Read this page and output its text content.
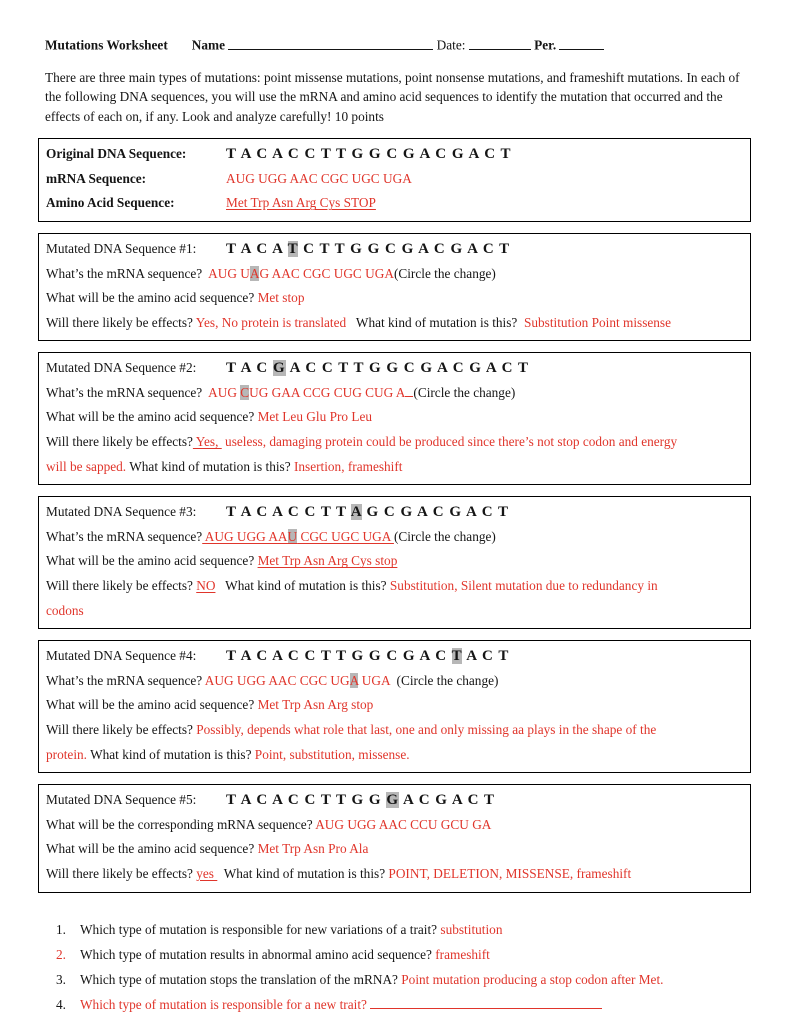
Mutations Worksheet Name	Date:	Per.

There are three main types of mutations: point missense mutations, point nonsense mutations, and frameshift mutations. In each of the following DNA sequences, you will use the mRNA and amino acid sequences to identify the mutation that occurred and the effects of each on, if any. Look and analyze carefully! 10 points

Original DNA Sequence:	T A C A C C T T G G C G A C G A C T
mRNA Sequence:	AUG UGG AAC CGC UGC UGA
Amino Acid Sequence:	Met Trp Asn Arg Cys STOP
Mutated DNA Sequence #1: T A C A T C T T G G C G A C G A C T
What’s the mRNA sequence?  AUG UAG AAC CGC UGC UGA(Circle the change)
What will be the amino acid sequence? Met stop
Will there likely be effects? Yes, No protein is translated   What kind of mutation is this?  Substitution Point missense
Mutated DNA Sequence #2: T A C G A C C T T G G C G A C G A C T
What’s the mRNA sequence?  AUG CUG GAA CCG CUG CUG A (Circle the change)
What will be the amino acid sequence? Met Leu Glu Pro Leu
Will there likely be effects? Yes,  useless, damaging protein could be produced since there’s not stop codon and energy
will be sapped. What kind of mutation is this? Insertion, frameshift
Mutated DNA Sequence #3: T A C A C C T T A G C G A C G A C T
What’s the mRNA sequence? AUG UGG AAU CGC UGC UGA (Circle the change)
What will be the amino acid sequence? Met Trp Asn Arg Cys stop
Will there likely be effects? NO   What kind of mutation is this? Substitution, Silent mutation due to redundancy in
codons
Mutated DNA Sequence #4: T A C A C C T T G G C G A C T A C T
What’s the mRNA sequence? AUG UGG AAC CGC UGA UGA  (Circle the change)
What will be the amino acid sequence? Met Trp Asn Arg stop
Will there likely be effects? Possibly, depends what role that last, one and only missing aa plays in the shape of the
protein. What kind of mutation is this? Point, substitution, missense.
Mutated DNA Sequence #5: T A C A C C T T G G G A C G A C T
What will be the corresponding mRNA sequence? AUG UGG AAC CCU GCU GA
What will be the amino acid sequence? Met Trp Asn Pro Ala
Will there likely be effects? yes   What kind of mutation is this? POINT, DELETION, MISSENSE, frameshift
1. Which type of mutation is responsible for new variations of a trait? substitution
2. Which type of mutation results in abnormal amino acid sequence? frameshift
3. Which type of mutation stops the translation of the mRNA? Point mutation producing a stop codon after Met.
4. Which type of mutation is responsible for a new trait?
